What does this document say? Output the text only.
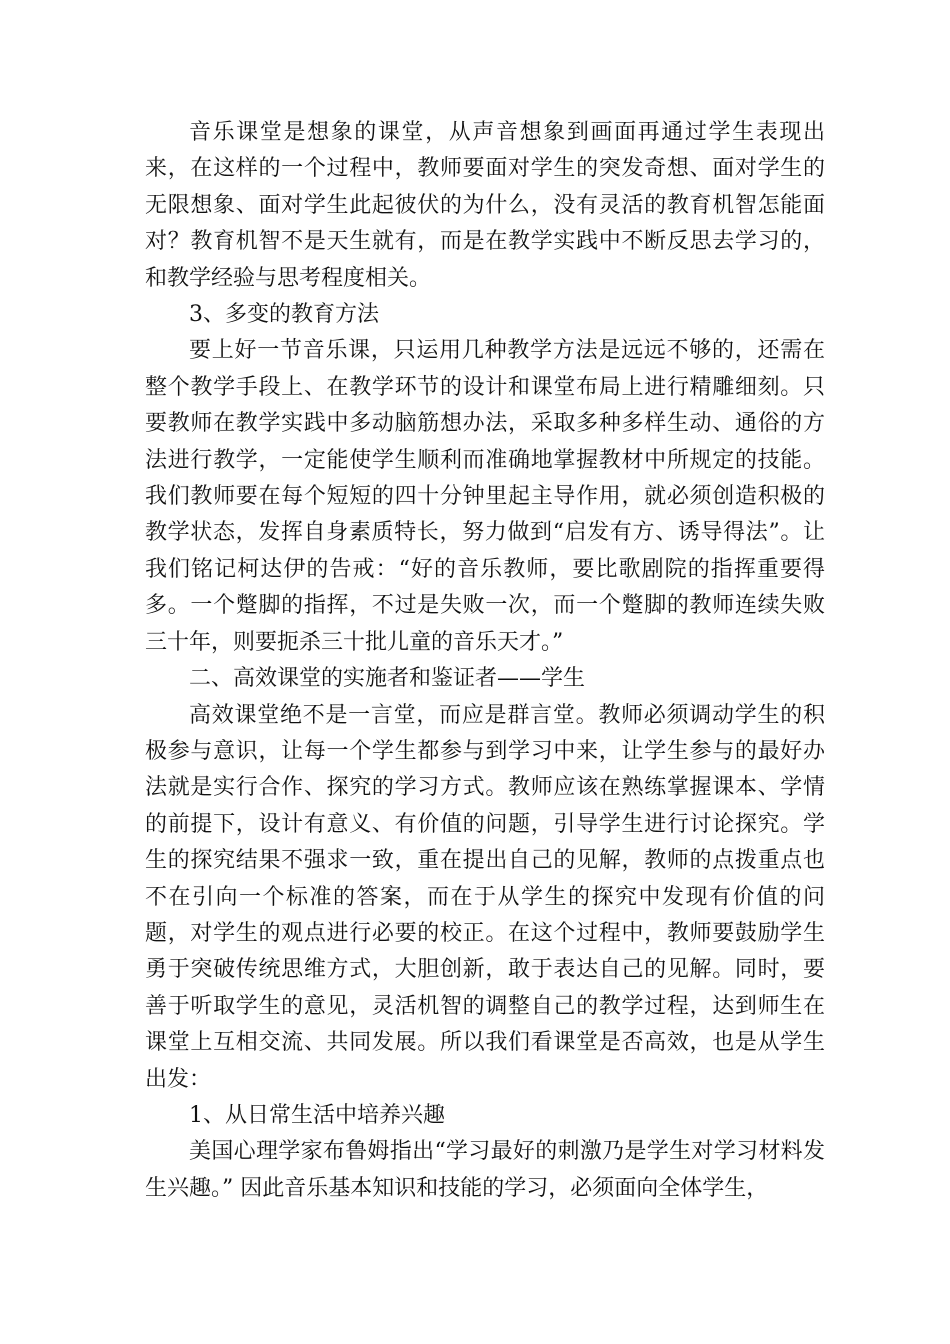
音乐课堂是想象的课堂，从声音想象到画面再通过学生表现出来，在这样的一个过程中，教师要面对学生的突发奇想、面对学生的无限想象、面对学生此起彼伏的为什么，没有灵活的教育机智怎能面对？教育机智不是天生就有，而是在教学实践中不断反思去学习的，和教学经验与思考程度相关。

3、多变的教育方法

要上好一节音乐课，只运用几种教学方法是远远不够的，还需在整个教学手段上、在教学环节的设计和课堂布局上进行精雕细刻。只要教师在教学实践中多动脑筋想办法，采取多种多样生动、通俗的方法进行教学，一定能使学生顺利而准确地掌握教材中所规定的技能。我们教师要在每个短短的四十分钟里起主导作用，就必须创造积极的教学状态，发挥自身素质特长，努力做到“启发有方、诱导得法”。让我们铭记柯达伊的告戒：“好的音乐教师，要比歌剧院的指挥重要得多。一个蹩脚的指挥，不过是失败一次，而一个蹩脚的教师连续失败三十年，则要扼杀三十批儿童的音乐天才。”

二、高效课堂的实施者和鉴证者——学生

高效课堂绝不是一言堂，而应是群言堂。教师必须调动学生的积极参与意识，让每一个学生都参与到学习中来，让学生参与的最好办法就是实行合作、探究的学习方式。教师应该在熟练掌握课本、学情的前提下，设计有意义、有价值的问题，引导学生进行讨论探究。学生的探究结果不强求一致，重在提出自己的见解，教师的点拨重点也不在引向一个标准的答案，而在于从学生的探究中发现有价值的问题，对学生的观点进行必要的校正。在这个过程中，教师要鼓励学生勇于突破传统思维方式，大胆创新，敢于表达自己的见解。同时，要善于听取学生的意见，灵活机智的调整自己的教学过程，达到师生在课堂上互相交流、共同发展。所以我们看课堂是否高效，也是从学生出发：

1、从日常生活中培养兴趣

美国心理学家布鲁姆指出“学习最好的刺激乃是学生对学习材料发生兴趣。” 因此音乐基本知识和技能的学习，必须面向全体学生，
